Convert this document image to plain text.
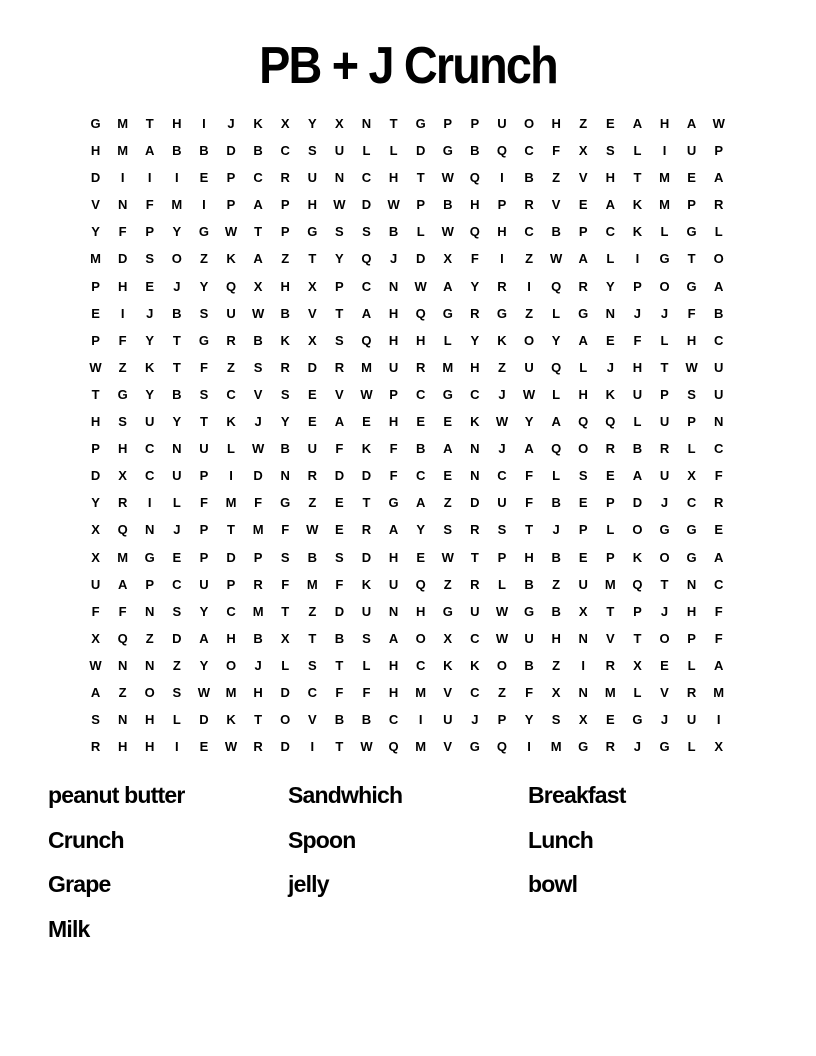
PB + J Crunch
G M T H I J K X Y X N T G P P U O H Z E A H A W
H M A B B D B C S U L L D G B Q C F X S L I U P
D I I I E P C R U N C H T W Q I B Z V H T M E A
V N F M I P A P H W D W P B H P R V E A K M P R
Y F P Y G W T P G S S B L W Q H C B P C K L G L
M D S O Z K A Z T Y Q J D X F I Z W A L I G T O
P H E J Y Q X H X P C N W A Y R I Q R Y P O G A
E I J B S U W B V T A H Q G R G Z L G N J J F B
P F Y T G R B K X S Q H H L Y K O Y A E F L H C
W Z K T F Z S R D R M U R M H Z U Q L J H T W U
T G Y B S C V S E V W P C G C J W L H K U P S U
H S U Y T K J Y E A E H E E K W Y A Q Q L U P N
P H C N U L W B U F K F B A N J A Q O R B R L C
D X C U P I D N R D D F C E N C F L S E A U X F
Y R I L F M F G Z E T G A Z D U F B E P D J C R
X Q N J P T M F W E R A Y S R S T J P L O G G E
X M G E P D P S B S D H E W T P H B E P K O G A
U A P C U P R F M F K U Q Z R L B Z U M Q T N C
F F N S Y C M T Z D U N H G U W G B X T P J H F
X Q Z D A H B X T B S A O X C W U H N V T O P F
W N N Z Y O J L S T L H C K K O B Z I R X E L A
A Z O S W M H D C F F H M V C Z F X N M L V R M
S N H L D K T O V B B C I U J P Y S X E G J U I
R H H I E W R D I T W Q M V G Q I M G R J G L X
peanut butter	Sandwhich	Breakfast
Crunch	Spoon	Lunch
Grape	jelly	bowl
Milk
